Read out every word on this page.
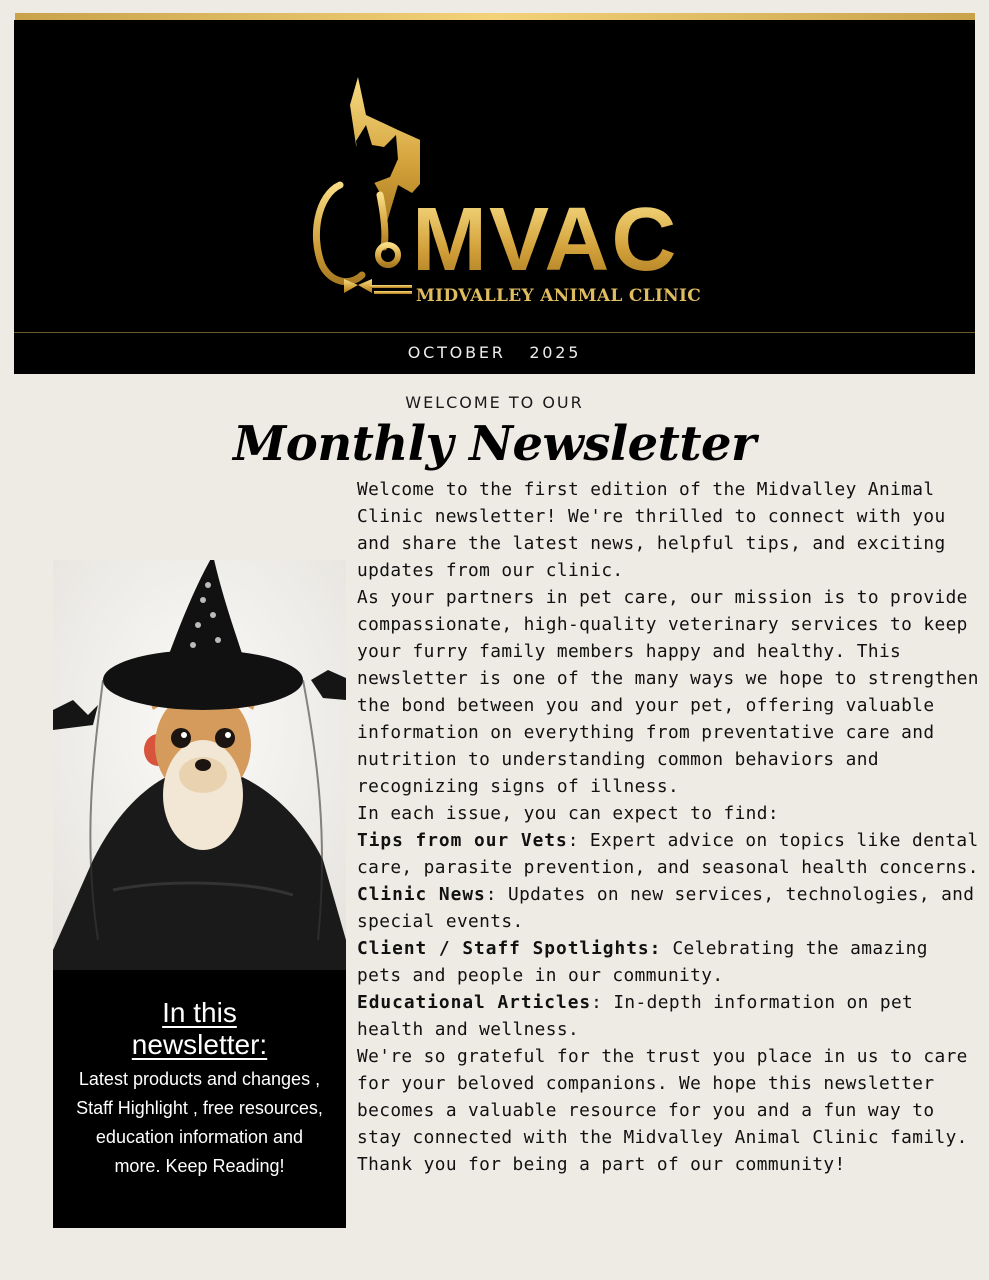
MVAC
MIDVALLEY ANIMAL CLINIC
OCTOBER   2025
WELCOME TO OUR
Monthly Newsletter
In this newsletter:
Latest products and changes , Staff Highlight , free resources, education information and more. Keep Reading!

Welcome to the first edition of the Midvalley Animal Clinic newsletter! We're thrilled to connect with you and share the latest news, helpful tips, and exciting updates from our clinic.

As your partners in pet care, our mission is to provide compassionate, high-quality veterinary services to keep your furry family members happy and healthy. This newsletter is one of the many ways we hope to strengthen the bond between you and your pet, offering valuable information on everything from preventative care and nutrition to understanding common behaviors and recognizing signs of illness.

In each issue, you can expect to find:

Tips from our Vets: Expert advice on topics like dental care, parasite prevention, and seasonal health concerns.

Clinic News: Updates on new services, technologies, and special events.

Client / Staff Spotlights: Celebrating the amazing pets and people in our community.

Educational Articles: In-depth information on pet health and wellness.

We're so grateful for the trust you place in us to care for your beloved companions. We hope this newsletter becomes a valuable resource for you and a fun way to stay connected with the Midvalley Animal Clinic family.

Thank you for being a part of our community!
